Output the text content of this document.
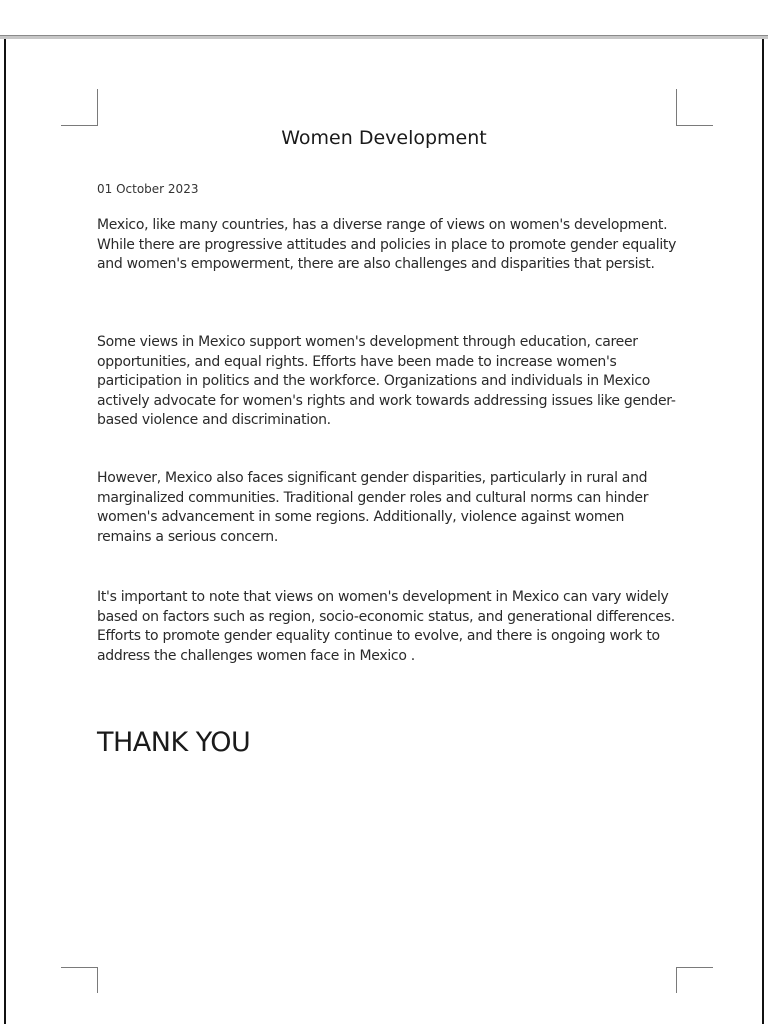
Women Development
01 October 2023

Mexico, like many countries, has a diverse range of views on women's development. While there are progressive attitudes and policies in place to promote gender equality and women's empowerment, there are also challenges and disparities that persist.

Some views in Mexico support women's development through education, career opportunities, and equal rights. Efforts have been made to increase women's participation in politics and the workforce. Organizations and individuals in Mexico actively advocate for women's rights and work towards addressing issues like gender-based violence and discrimination.

However, Mexico also faces significant gender disparities, particularly in rural and marginalized communities. Traditional gender roles and cultural norms can hinder women's advancement in some regions. Additionally, violence against women remains a serious concern.

It's important to note that views on women's development in Mexico can vary widely based on factors such as region, socio-economic status, and generational differences. Efforts to promote gender equality continue to evolve, and there is ongoing work to address the challenges women face in Mexico .

THANK YOU
